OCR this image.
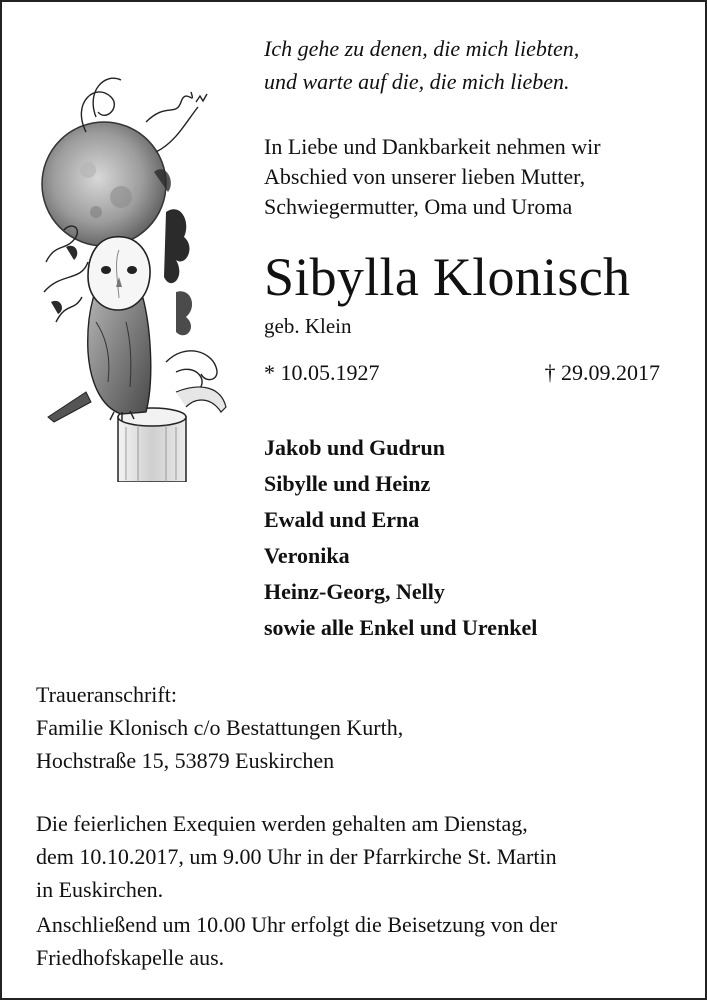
Ich gehe zu denen, die mich liebten,
und warte auf die, die mich lieben.
In Liebe und Dankbarkeit nehmen wir
Abschied von unserer lieben Mutter,
Schwiegermutter, Oma und Uroma
Sibylla Klonisch
geb. Klein
* 10.05.1927	† 29.09.2017
Jakob und Gudrun
Sibylle und Heinz
Ewald und Erna
Veronika
Heinz-Georg, Nelly
sowie alle Enkel und Urenkel
Traueranschrift:
Familie Klonisch c/o Bestattungen Kurth,
Hochstraße 15, 53879 Euskirchen
Die feierlichen Exequien werden gehalten am Dienstag,
dem 10.10.2017, um 9.00 Uhr in der Pfarrkirche St. Martin
in Euskirchen.
Anschließend um 10.00 Uhr erfolgt die Beisetzung von der
Friedhofskapelle aus.
